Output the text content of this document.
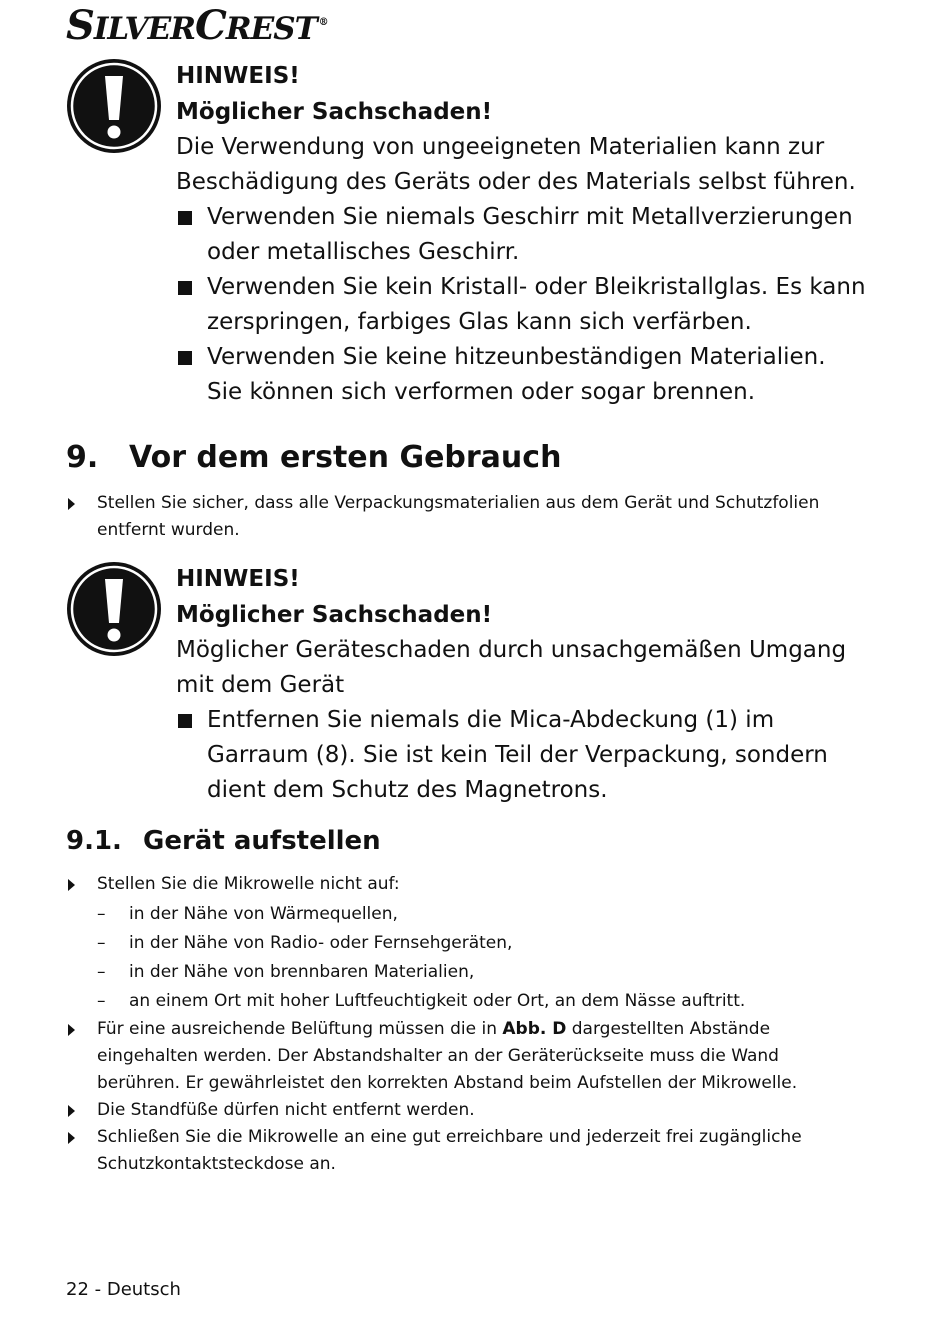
SILVERCREST ®
HINWEIS!
Möglicher Sachschaden!
Die Verwendung von ungeeigneten Materialien kann zur Beschädigung des Geräts oder des Materials selbst führen.
Verwenden Sie niemals Geschirr mit Metallverzierungen oder metallisches Geschirr.
Verwenden Sie kein Kristall- oder Bleikristallglas. Es kann zerspringen, farbiges Glas kann sich verfärben.
Verwenden Sie keine hitzeunbeständigen Materialien. Sie können sich verformen oder sogar brennen.
9. Vor dem ersten Gebrauch
Stellen Sie sicher, dass alle Verpackungsmaterialien aus dem Gerät und Schutzfolien entfernt wurden.
HINWEIS!
Möglicher Sachschaden!
Möglicher Geräteschaden durch unsachgemäßen Umgang mit dem Gerät
Entfernen Sie niemals die Mica-Abdeckung (1) im Garraum (8). Sie ist kein Teil der Verpackung, sondern dient dem Schutz des Magnetrons.
9.1. Gerät aufstellen
Stellen Sie die Mikrowelle nicht auf:
– in der Nähe von Wärmequellen,
– in der Nähe von Radio- oder Fernsehgeräten,
– in der Nähe von brennbaren Materialien,
– an einem Ort mit hoher Luftfeuchtigkeit oder Ort, an dem Nässe auftritt.
Für eine ausreichende Belüftung müssen die in Abb. D dargestellten Abstände eingehalten werden. Der Abstandshalter an der Geräterückseite muss die Wand berühren. Er gewährleistet den korrekten Abstand beim Aufstellen der Mikrowelle.
Die Standfüße dürfen nicht entfernt werden.
Schließen Sie die Mikrowelle an eine gut erreichbare und jederzeit frei zugängliche Schutzkontaktsteckdose an.
22 - Deutsch
